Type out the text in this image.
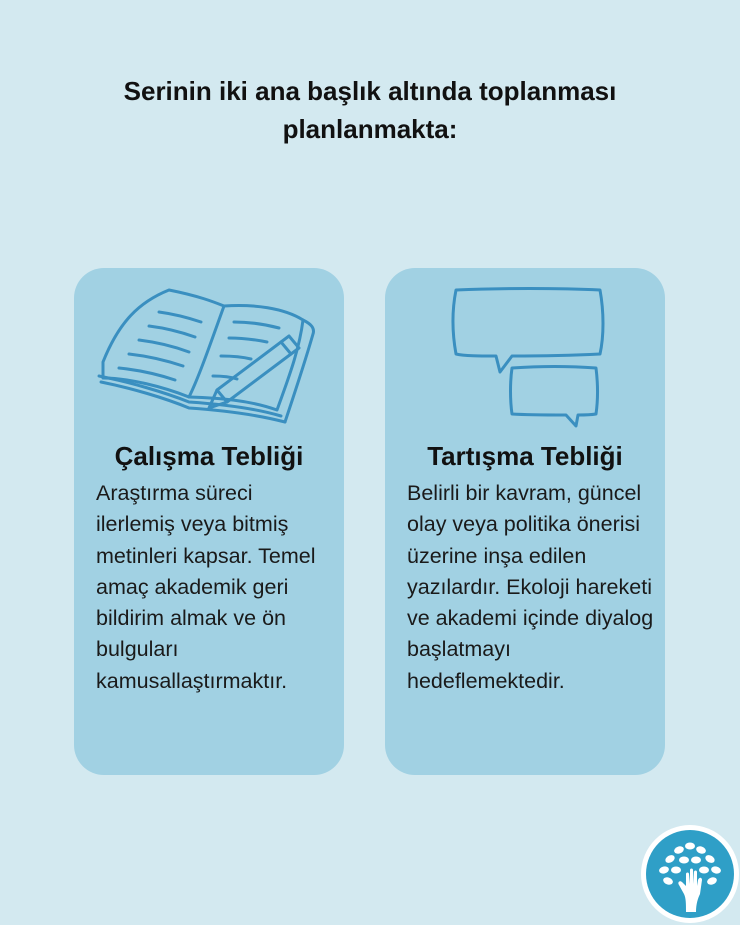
Serinin iki ana başlık altında toplanması planlanmakta:
Çalışma Tebliği
Araştırma süreci ilerlemiş veya bitmiş metinleri kapsar. Temel amaç akademik geri bildirim almak ve ön bulguları kamusallaştırmaktır.
Tartışma Tebliği
Belirli bir kavram, güncel olay veya politika önerisi üzerine inşa edilen yazılardır. Ekoloji hareketi ve akademi içinde diyalog başlatmayı hedeflemektedir.
